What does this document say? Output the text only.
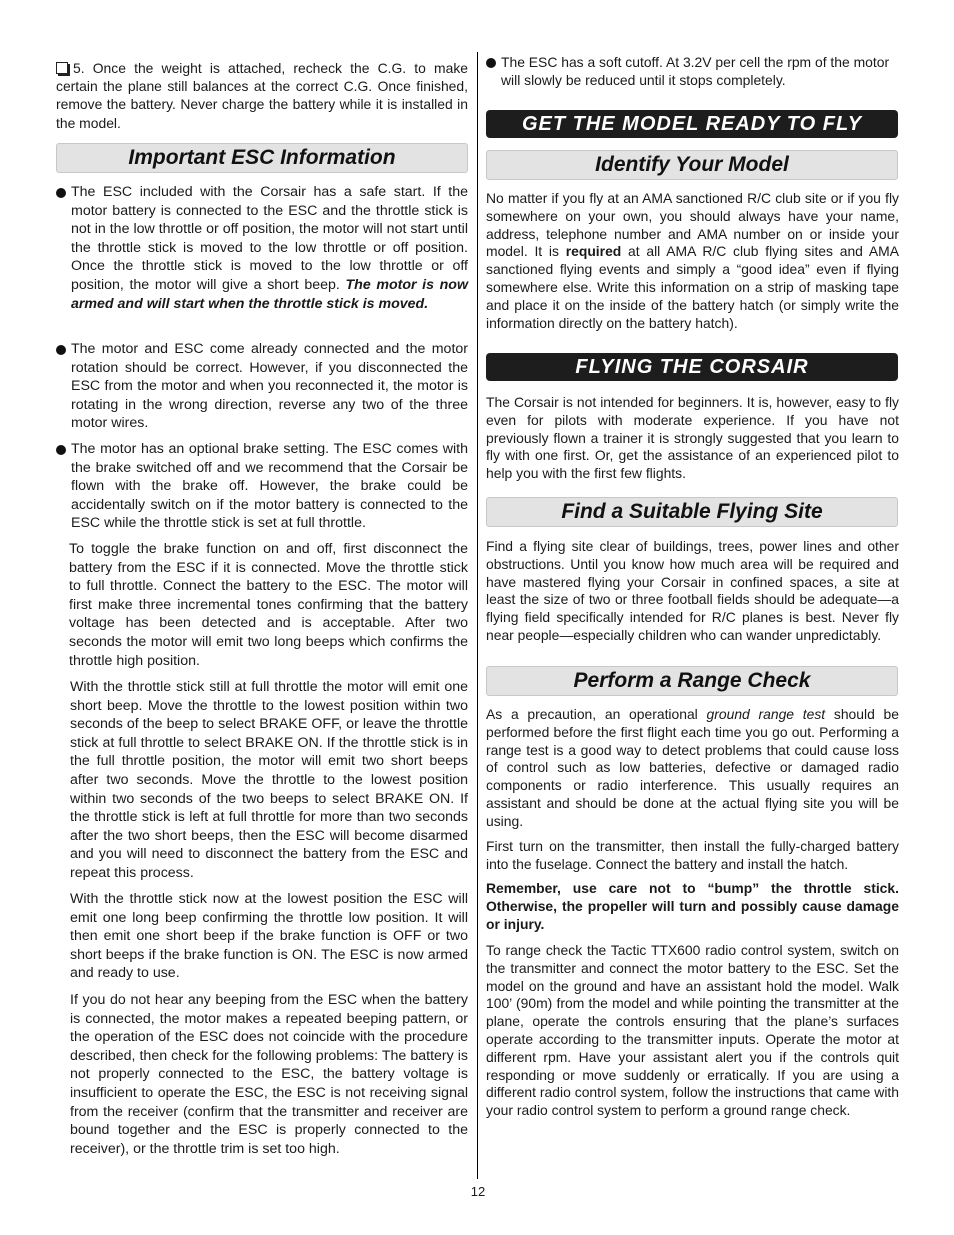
5. Once the weight is attached, recheck the C.G. to make certain the plane still balances at the correct C.G. Once finished, remove the battery. Never charge the battery while it is installed in the model.

Important ESC Information

The ESC included with the Corsair has a safe start. If the motor battery is connected to the ESC and the throttle stick is not in the low throttle or off position, the motor will not start until the throttle stick is moved to the low throttle or off position. Once the throttle stick is moved to the low throttle or off position, the motor will give a short beep. The motor is now armed and will start when the throttle stick is moved.

The motor and ESC come already connected and the motor rotation should be correct. However, if you disconnected the ESC from the motor and when you reconnected it, the motor is rotating in the wrong direction, reverse any two of the three motor wires.

The motor has an optional brake setting. The ESC comes with the brake switched off and we recommend that the Corsair be flown with the brake off. However, the brake could be accidentally switch on if the motor battery is connected to the ESC while the throttle stick is set at full throttle.

To toggle the brake function on and off, first disconnect the battery from the ESC if it is connected. Move the throttle stick to full throttle. Connect the battery to the ESC. The motor will first make three incremental tones confirming that the battery voltage has been detected and is acceptable. After two seconds the motor will emit two long beeps which confirms the throttle high position.

With the throttle stick still at full throttle the motor will emit one short beep. Move the throttle to the lowest position within two seconds of the beep to select BRAKE OFF, or leave the throttle stick at full throttle to select BRAKE ON. If the throttle stick is in the full throttle position, the motor will emit two short beeps after two seconds. Move the throttle to the lowest position within two seconds of the two beeps to select BRAKE ON. If the throttle stick is left at full throttle for more than two seconds after the two short beeps, then the ESC will become disarmed and you will need to disconnect the battery from the ESC and repeat this process.

With the throttle stick now at the lowest position the ESC will emit one long beep confirming the throttle low position. It will then emit one short beep if the brake function is OFF or two short beeps if the brake function is ON. The ESC is now armed and ready to use.

If you do not hear any beeping from the ESC when the battery is connected, the motor makes a repeated beeping pattern, or the operation of the ESC does not coincide with the procedure described, then check for the following problems: The battery is not properly connected to the ESC, the battery voltage is insufficient to operate the ESC, the ESC is not receiving signal from the receiver (confirm that the transmitter and receiver are bound together and the ESC is properly connected to the receiver), or the throttle trim is set too high.

The ESC has a soft cutoff. At 3.2V per cell the rpm of the motor will slowly be reduced until it stops completely.

GET THE MODEL READY TO FLY
Identify Your Model

No matter if you fly at an AMA sanctioned R/C club site or if you fly somewhere on your own, you should always have your name, address, telephone number and AMA number on or inside your model. It is required at all AMA R/C club flying sites and AMA sanctioned flying events and simply a “good idea” even if flying somewhere else. Write this information on a strip of masking tape and place it on the inside of the battery hatch (or simply write the information directly on the battery hatch).

FLYING THE CORSAIR

The Corsair is not intended for beginners. It is, however, easy to fly even for pilots with moderate experience. If you have not previously flown a trainer it is strongly suggested that you learn to fly with one first. Or, get the assistance of an experienced pilot to help you with the first few flights.

Find a Suitable Flying Site

Find a flying site clear of buildings, trees, power lines and other obstructions. Until you know how much area will be required and have mastered flying your Corsair in confined spaces, a site at least the size of two or three football fields should be adequate—a flying field specifically intended for R/C planes is best. Never fly near people—especially children who can wander unpredictably.

Perform a Range Check

As a precaution, an operational ground range test should be performed before the first flight each time you go out. Performing a range test is a good way to detect problems that could cause loss of control such as low batteries, defective or damaged radio components or radio interference. This usually requires an assistant and should be done at the actual flying site you will be using.

First turn on the transmitter, then install the fully-charged battery into the fuselage. Connect the battery and install the hatch.

Remember, use care not to “bump” the throttle stick. Otherwise, the propeller will turn and possibly cause damage or injury.

To range check the Tactic TTX600 radio control system, switch on the transmitter and connect the motor battery to the ESC. Set the model on the ground and have an assistant hold the model. Walk 100’ (90m) from the model and while pointing the transmitter at the plane, operate the controls ensuring that the plane’s surfaces operate according to the transmitter inputs. Operate the motor at different rpm. Have your assistant alert you if the controls quit responding or move suddenly or erratically. If you are using a different radio control system, follow the instructions that came with your radio control system to perform a ground range check.

12
